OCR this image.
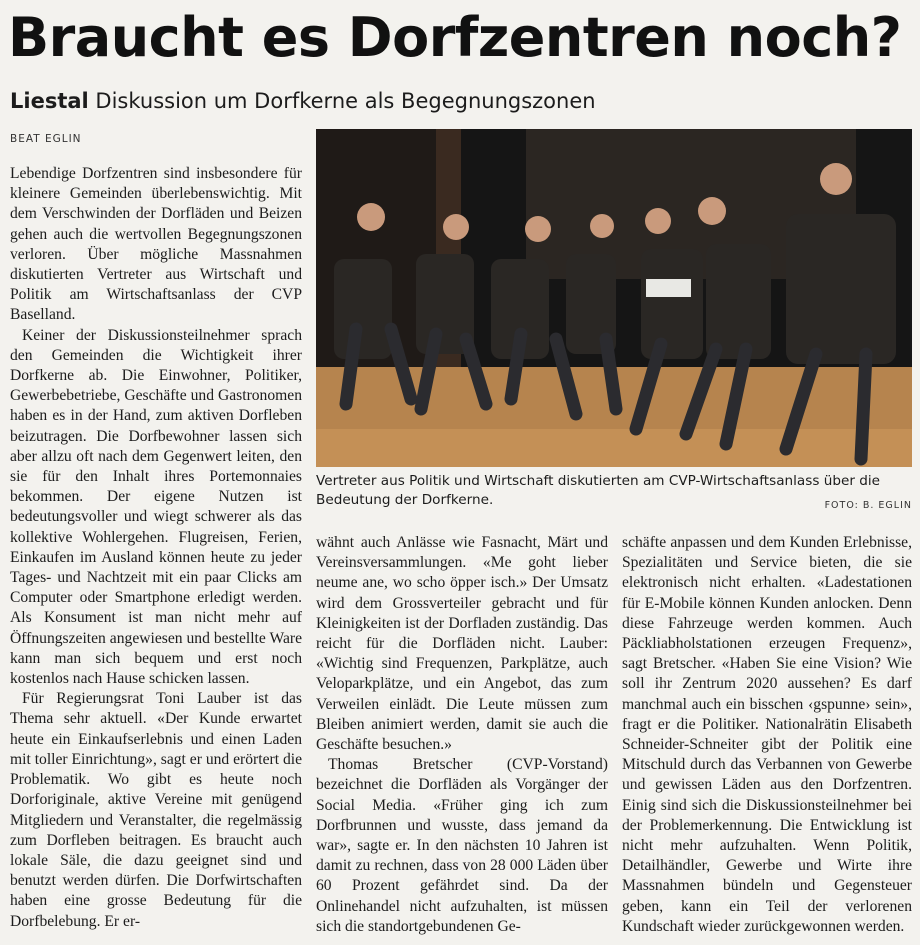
Braucht es Dorfzentren noch?
Liestal Diskussion um Dorfkerne als Begegnungszonen
BEAT EGLIN

Lebendige Dorfzentren sind insbesondere für kleinere Gemeinden überlebenswichtig. Mit dem Verschwinden der Dorfläden und Beizen gehen auch die wertvollen Begegnungszonen verloren. Über mögliche Massnahmen diskutierten Vertreter aus Wirtschaft und Politik am Wirtschaftsanlass der CVP Baselland.

Keiner der Diskussionsteilnehmer sprach den Gemeinden die Wichtigkeit ihrer Dorfkerne ab. Die Einwohner, Politiker, Gewerbebetriebe, Geschäfte und Gastronomen haben es in der Hand, zum aktiven Dorfleben beizutragen. Die Dorfbewohner lassen sich aber allzu oft nach dem Gegenwert leiten, den sie für den Inhalt ihres Portemonnaies bekommen. Der eigene Nutzen ist bedeutungsvoller und wiegt schwerer als das kollektive Wohlergehen. Flugreisen, Ferien, Einkaufen im Ausland können heute zu jeder Tages- und Nachtzeit mit ein paar Clicks am Computer oder Smartphone erledigt werden. Als Konsument ist man nicht mehr auf Öffnungszeiten angewiesen und bestellte Ware kann man sich bequem und erst noch kostenlos nach Hause schicken lassen.

Für Regierungsrat Toni Lauber ist das Thema sehr aktuell. «Der Kunde erwartet heute ein Einkaufserlebnis und einen Laden mit toller Einrichtung», sagt er und erörtert die Problematik. Wo gibt es heute noch Dorforiginale, aktive Vereine mit genügend Mitgliedern und Veranstalter, die regelmässig zum Dorfleben beitragen. Es braucht auch lokale Säle, die dazu geeignet sind und benutzt werden dürfen. Die Dorfwirtschaften haben eine grosse Bedeutung für die Dorfbelebung. Er er-

Vertreter aus Politik und Wirtschaft diskutierten am CVP-Wirtschaftsanlass über die Bedeutung der Dorfkerne.	FOTO: B. EGLIN

wähnt auch Anlässe wie Fasnacht, Märt und Vereinsversammlungen. «Me goht lieber neume ane, wo scho öpper isch.» Der Umsatz wird dem Grossverteiler gebracht und für Kleinigkeiten ist der Dorfladen zuständig. Das reicht für die Dorfläden nicht. Lauber: «Wichtig sind Frequenzen, Parkplätze, auch Veloparkplätze, und ein Angebot, das zum Verweilen einlädt. Die Leute müssen zum Bleiben animiert werden, damit sie auch die Geschäfte besuchen.»

Thomas Bretscher (CVP-Vorstand) bezeichnet die Dorfläden als Vorgänger der Social Media. «Früher ging ich zum Dorfbrunnen und wusste, dass jemand da war», sagte er. In den nächsten 10 Jahren ist damit zu rechnen, dass von 28 000 Läden über 60 Prozent gefährdet sind. Da der Onlinehandel nicht aufzuhalten, ist müssen sich die standortgebundenen Ge-

schäfte anpassen und dem Kunden Erlebnisse, Spezialitäten und Service bieten, die sie elektronisch nicht erhalten. «Ladestationen für E-Mobile können Kunden anlocken. Denn diese Fahrzeuge werden kommen. Auch Päckliabholstationen erzeugen Frequenz», sagt Bretscher. «Haben Sie eine Vision? Wie soll ihr Zentrum 2020 aussehen? Es darf manchmal auch ein bisschen ‹gspunne› sein», fragt er die Politiker. Nationalrätin Elisabeth Schneider-Schneiter gibt der Politik eine Mitschuld durch das Verbannen von Gewerbe und gewissen Läden aus den Dorfzentren. Einig sind sich die Diskussionsteilnehmer bei der Problemerkennung. Die Entwicklung ist nicht mehr aufzuhalten. Wenn Politik, Detailhändler, Gewerbe und Wirte ihre Massnahmen bündeln und Gegensteuer geben, kann ein Teil der verlorenen Kundschaft wieder zurückgewonnen werden.
